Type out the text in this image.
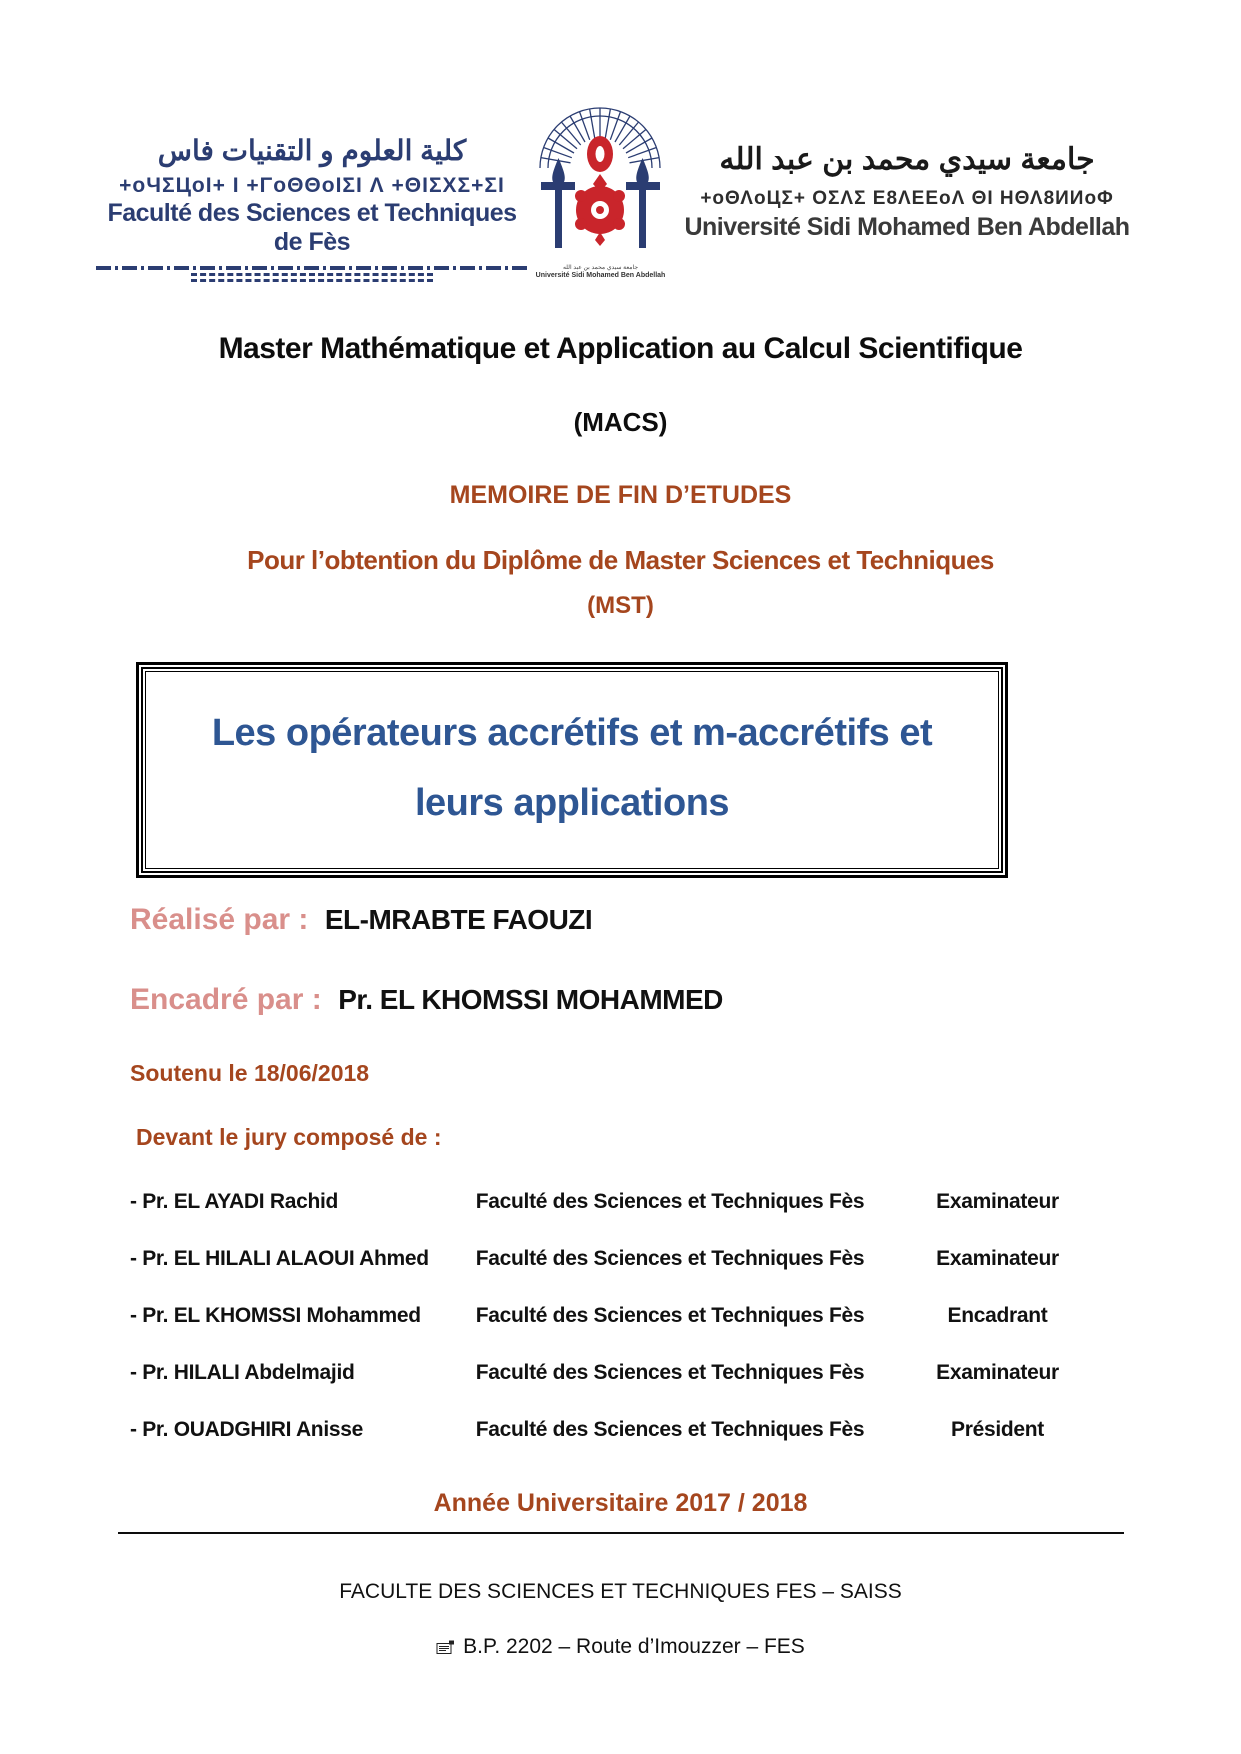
كلية العلوم و التقنيات فاس
+oЧΣЦoI+ I +ΓoΘΘoIΣI Λ +ΘΙΣΧΣ+ΣΙ
Faculté des Sciences et Techniques de Fès
جامعة سيدي محمد بن عبد الله
Université Sidi Mohamed Ben Abdellah
جامعة سيدي محمد بن عبد الله
+oΘΛoЦΣ+ ΟΣΛΣ Ε8ΛΕΕoΛ ΘΙ ΗΘΛ8ИИoΦ
Université Sidi Mohamed Ben Abdellah
Master Mathématique et Application au Calcul Scientifique
(MACS)
MEMOIRE DE FIN D’ETUDES
Pour l’obtention du Diplôme de Master Sciences et Techniques
(MST)
Les opérateurs accrétifs et m-accrétifs et
leurs applications
Réalisé par : EL-MRABTE FAOUZI
Encadré par : Pr. EL KHOMSSI MOHAMMED
Soutenu le 18/06/2018
Devant le jury composé de :
- Pr. EL AYADI Rachid	Faculté des Sciences et Techniques Fès	Examinateur
- Pr. EL HILALI ALAOUI Ahmed	Faculté des Sciences et Techniques Fès	Examinateur
- Pr. EL KHOMSSI Mohammed	Faculté des Sciences et Techniques Fès	Encadrant
- Pr. HILALI Abdelmajid	Faculté des Sciences et Techniques Fès	Examinateur
- Pr. OUADGHIRI Anisse	Faculté des Sciences et Techniques Fès	Président
Année Universitaire 2017 / 2018
FACULTE DES SCIENCES ET TECHNIQUES FES – SAISS
B.P. 2202 – Route d’Imouzzer – FES
